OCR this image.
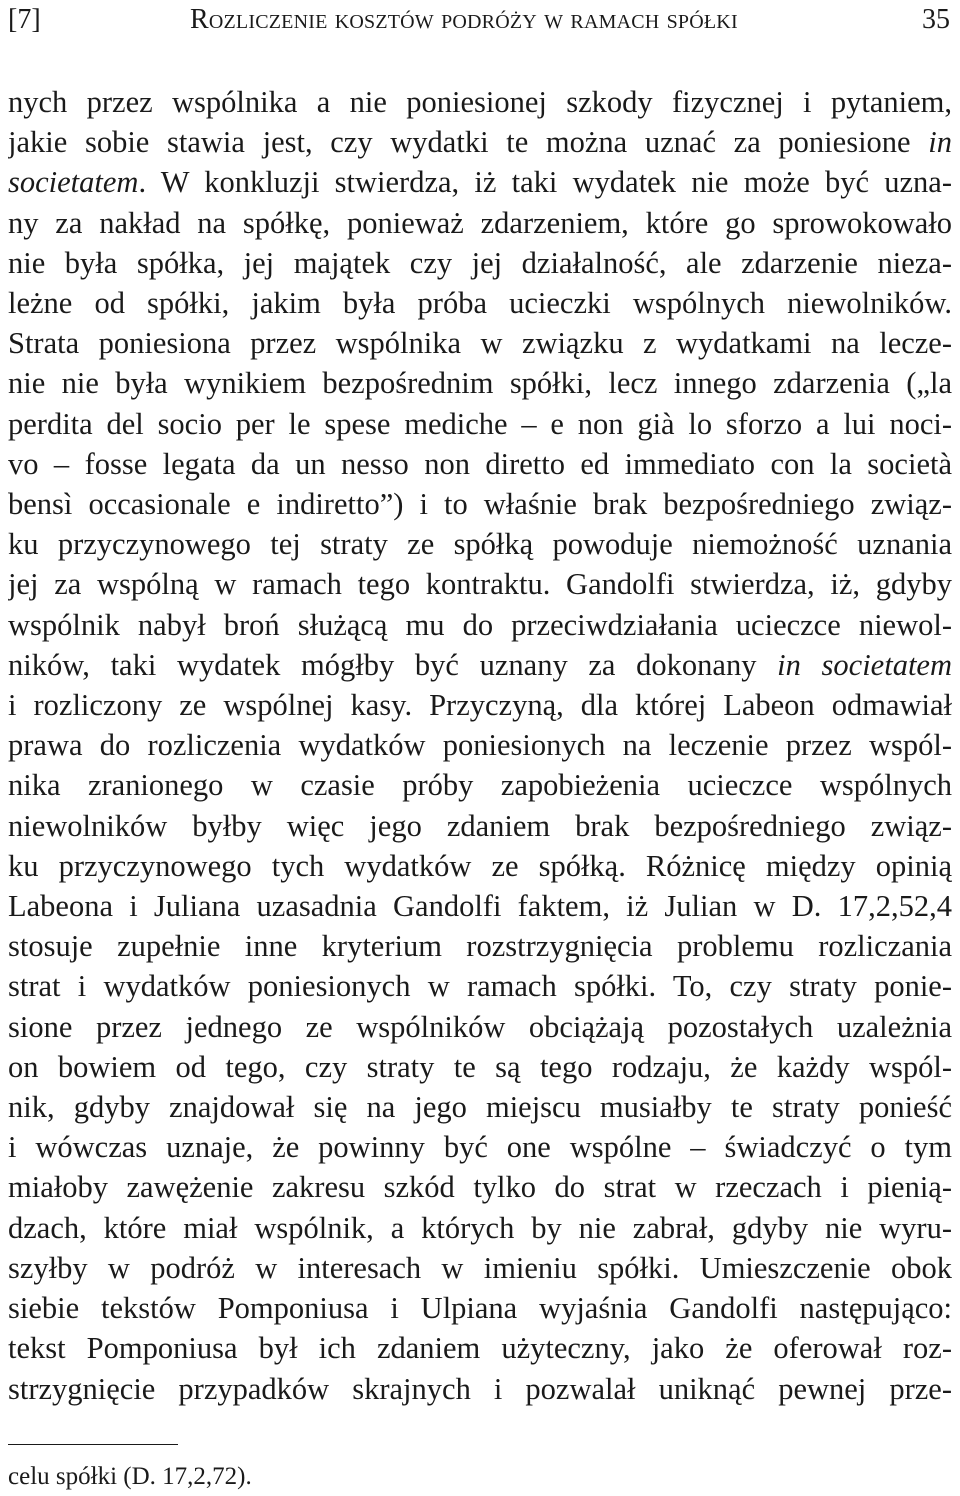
[7]	Rozliczenie kosztów podróży w ramach spółki	35
nych przez wspólnika a nie poniesionej szkody fizycznej i pytaniem,
jakie sobie stawia jest, czy wydatki te można uznać za poniesione in
societatem. W konkluzji stwierdza, iż taki wydatek nie może być uzna-
ny za nakład na spółkę, ponieważ zdarzeniem, które go sprowokowało
nie była spółka, jej majątek czy jej działalność, ale zdarzenie nieza-
leżne od spółki, jakim była próba ucieczki wspólnych niewolników.
Strata poniesiona przez wspólnika w związku z wydatkami na lecze-
nie nie była wynikiem bezpośrednim spółki, lecz innego zdarzenia („la
perdita del socio per le spese mediche – e non già lo sforzo a lui noci-
vo – fosse legata da un nesso non diretto ed immediato con la società
bensì occasionale e indiretto”) i to właśnie brak bezpośredniego związ-
ku przyczynowego tej straty ze spółką powoduje niemożność uznania
jej za wspólną w ramach tego kontraktu. Gandolfi stwierdza, iż, gdyby
wspólnik nabył broń służącą mu do przeciwdziałania ucieczce niewol-
ników, taki wydatek mógłby być uznany za dokonany in societatem
i rozliczony ze wspólnej kasy. Przyczyną, dla której Labeon odmawiał
prawa do rozliczenia wydatków poniesionych na leczenie przez wspól-
nika zranionego w czasie próby zapobieżenia ucieczce wspólnych
niewolników byłby więc jego zdaniem brak bezpośredniego związ-
ku przyczynowego tych wydatków ze spółką. Różnicę między opinią
Labeona i Juliana uzasadnia Gandolfi faktem, iż Julian w D. 17,2,52,4
stosuje zupełnie inne kryterium rozstrzygnięcia problemu rozliczania
strat i wydatków poniesionych w ramach spółki. To, czy straty ponie-
sione przez jednego ze wspólników obciążają pozostałych uzależnia
on bowiem od tego, czy straty te są tego rodzaju, że każdy wspól-
nik, gdyby znajdował się na jego miejscu musiałby te straty ponieść
i wówczas uznaje, że powinny być one wspólne – świadczyć o tym
miałoby zawężenie zakresu szkód tylko do strat w rzeczach i pienią-
dzach, które miał wspólnik, a których by nie zabrał, gdyby nie wyru-
szyłby w podróż w interesach w imieniu spółki. Umieszczenie obok
siebie tekstów Pomponiusa i Ulpiana wyjaśnia Gandolfi następująco:
tekst Pomponiusa był ich zdaniem użyteczny, jako że oferował roz-
strzygnięcie przypadków skrajnych i pozwalał uniknąć pewnej prze-
celu spółki (D. 17,2,72).
